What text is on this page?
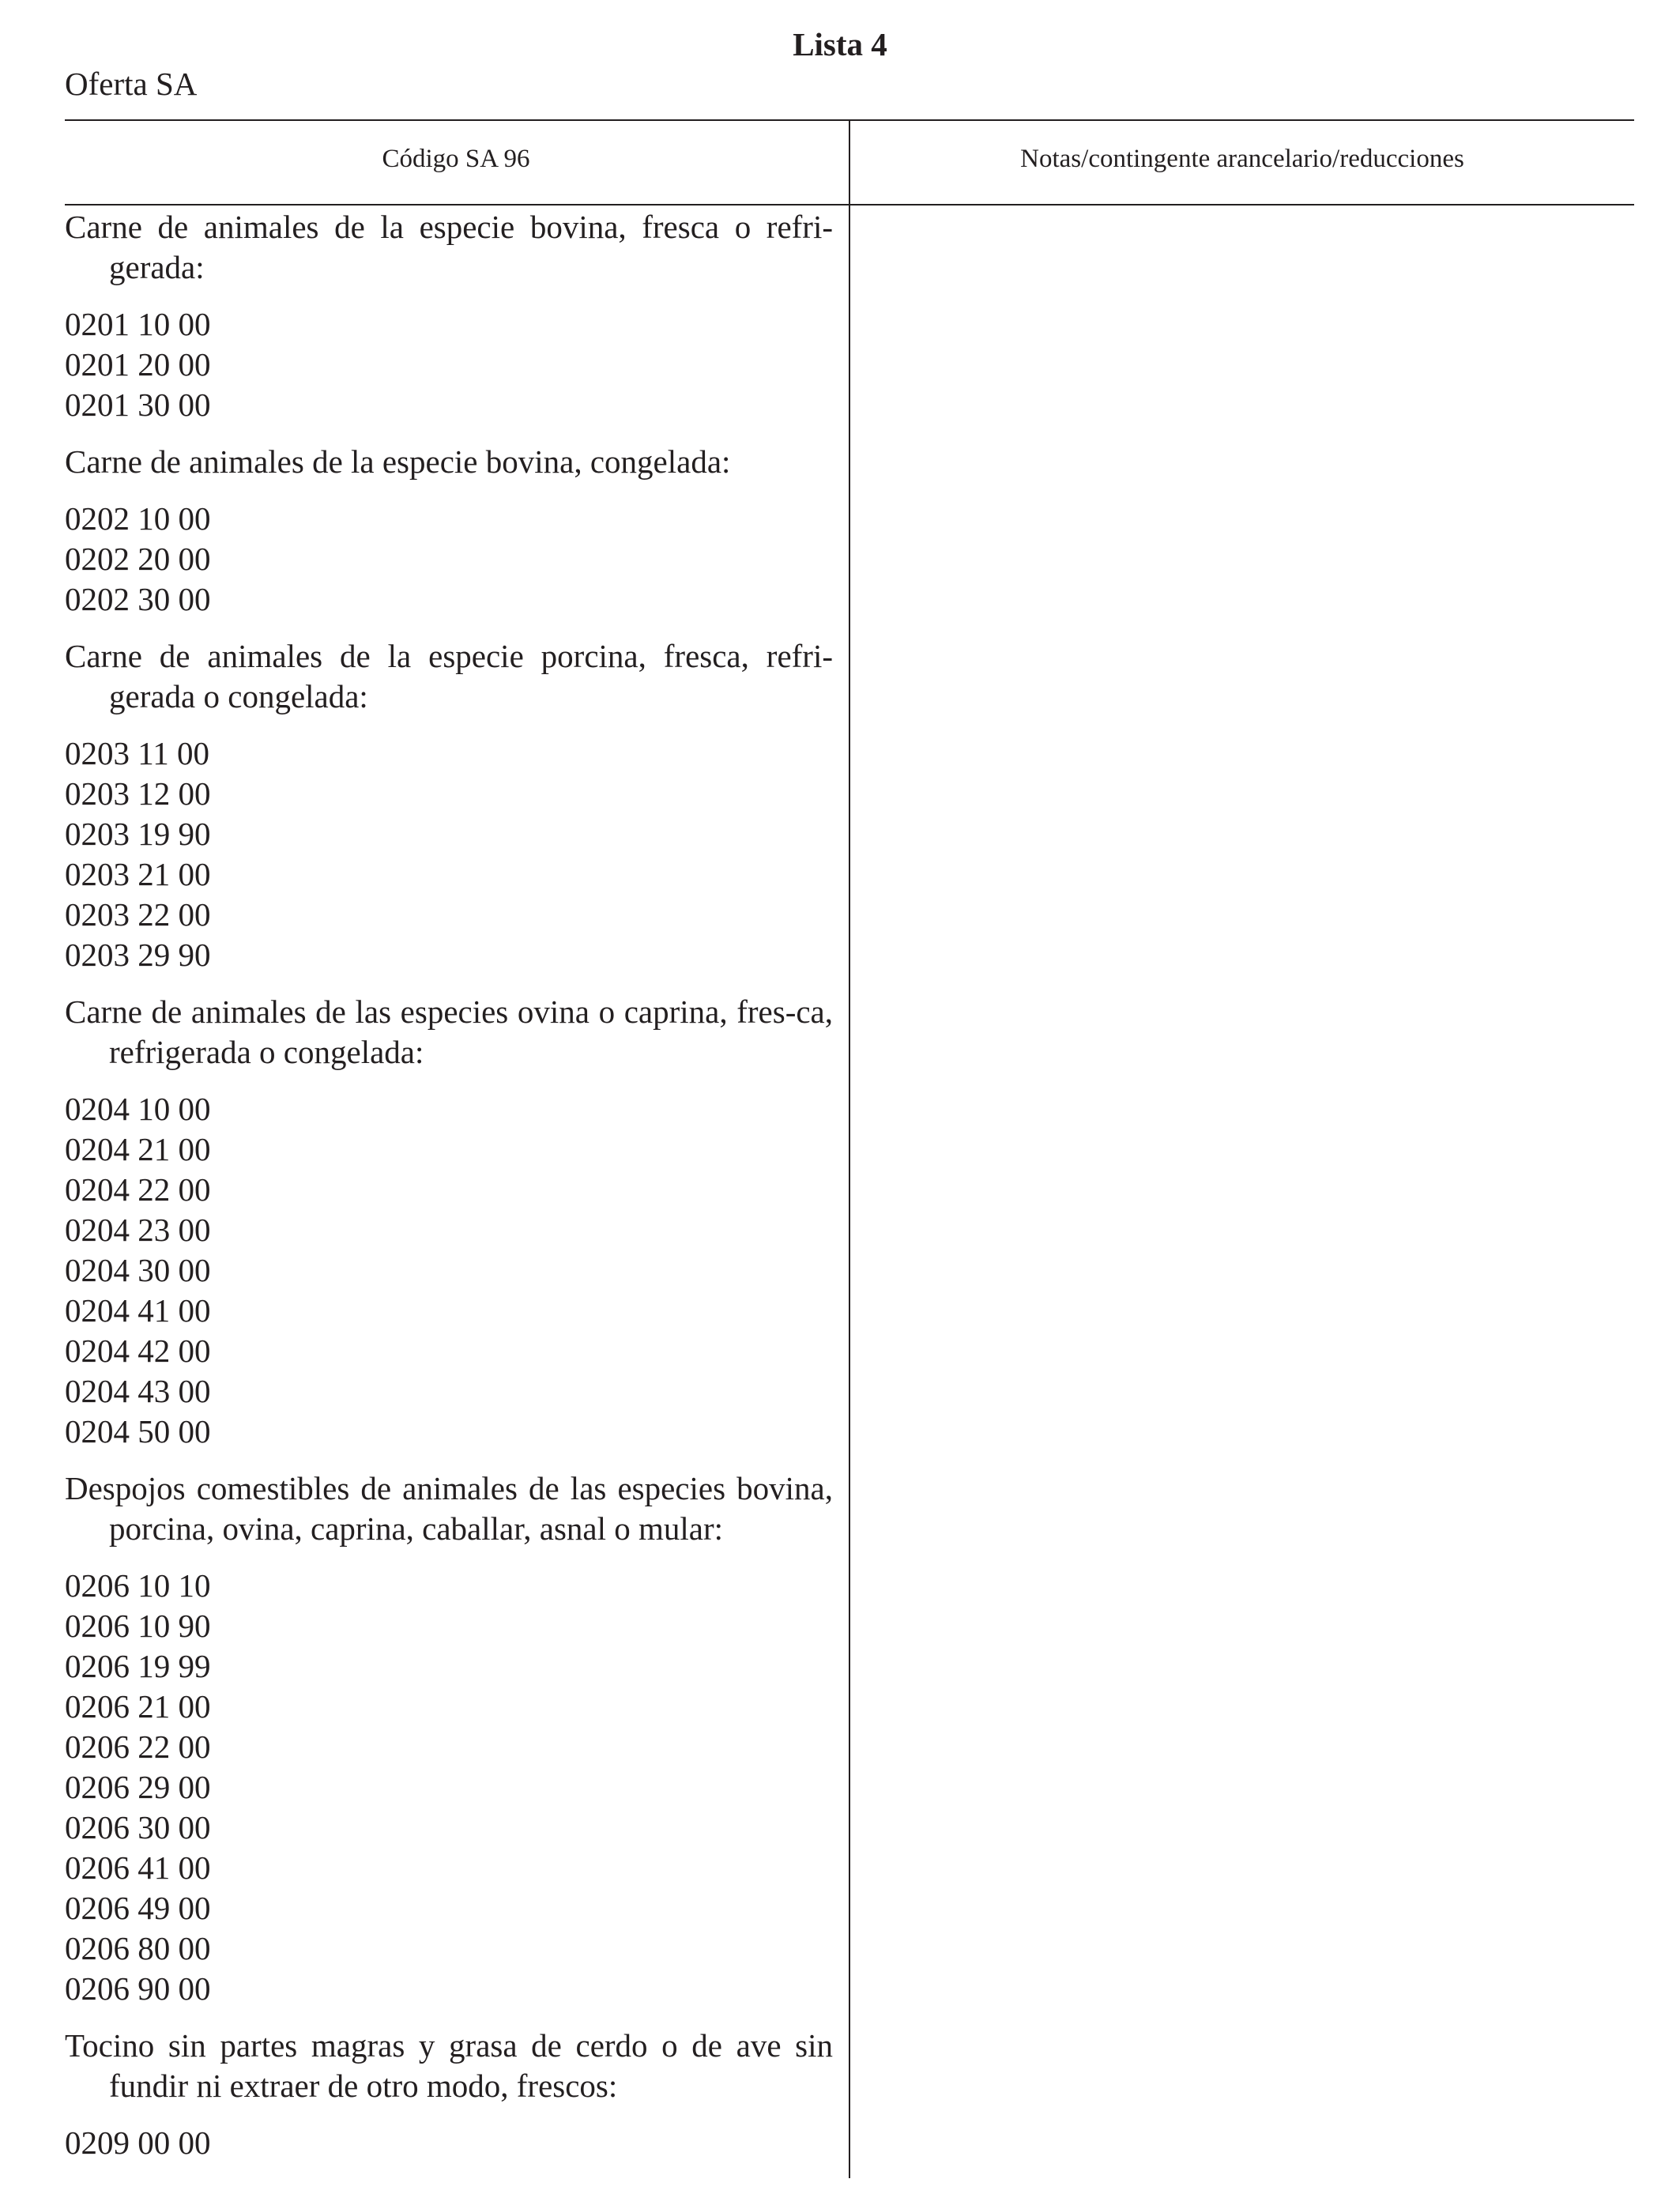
Lista 4
Oferta SA
Código SA 96	Notas/contingente arancelario/reducciones

Carne de animales de la especie bovina, fresca o refri-gerada:

0201 10 00
0201 20 00
0201 30 00

Carne de animales de la especie bovina, congelada:

0202 10 00
0202 20 00
0202 30 00

Carne de animales de la especie porcina, fresca, refri-gerada o congelada:

0203 11 00
0203 12 00
0203 19 90
0203 21 00
0203 22 00
0203 29 90

Carne de animales de las especies ovina o caprina, fres-ca, refrigerada o congelada:

0204 10 00
0204 21 00
0204 22 00
0204 23 00
0204 30 00
0204 41 00
0204 42 00
0204 43 00
0204 50 00

Despojos comestibles de animales de las especies bovina, porcina, ovina, caprina, caballar, asnal o mular:

0206 10 10
0206 10 90
0206 19 99
0206 21 00
0206 22 00
0206 29 00
0206 30 00
0206 41 00
0206 49 00
0206 80 00
0206 90 00

Tocino sin partes magras y grasa de cerdo o de ave sin fundir ni extraer de otro modo, frescos:

0209 00 00
